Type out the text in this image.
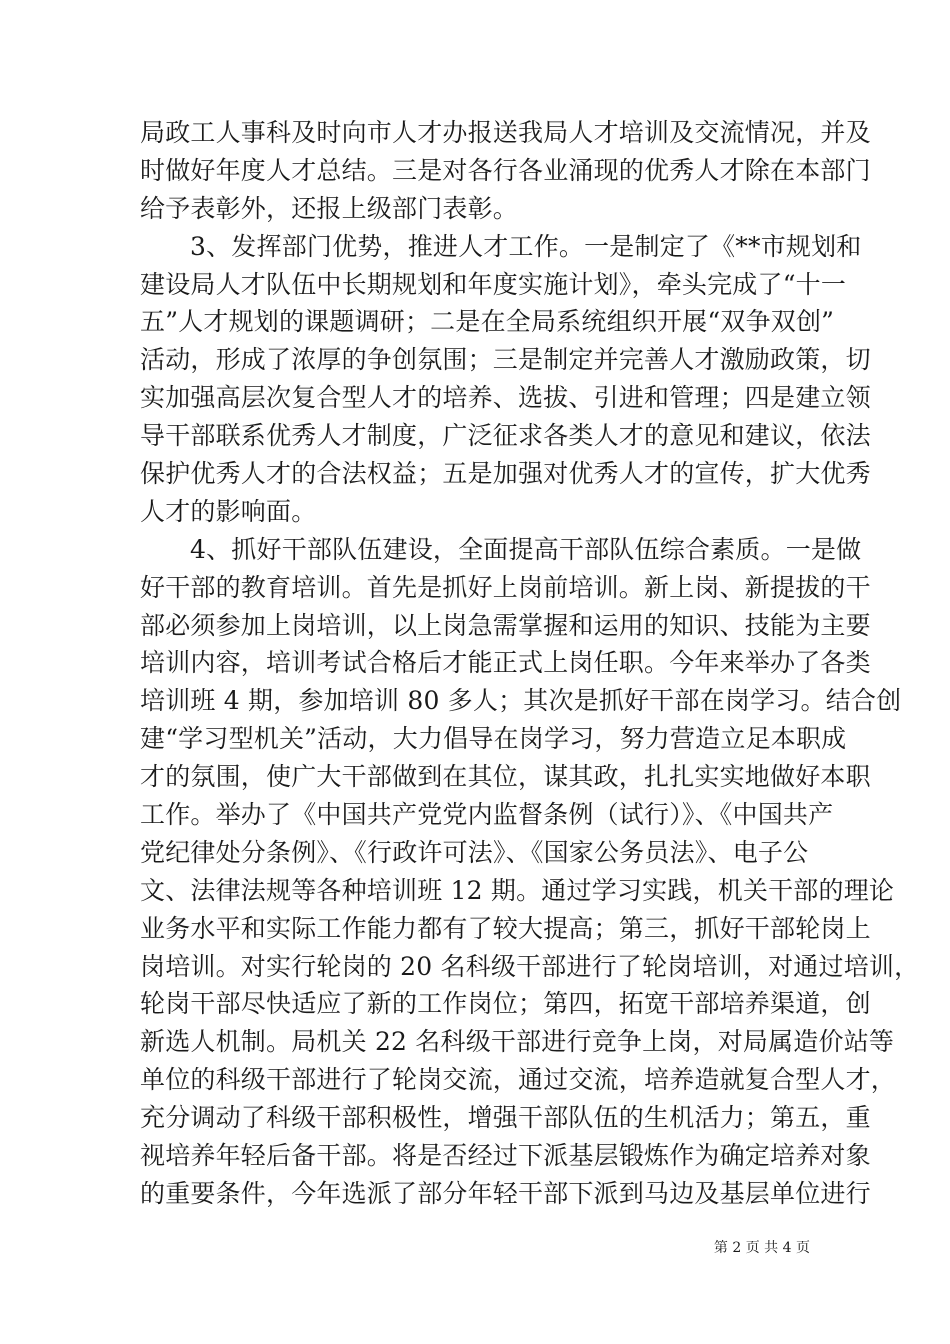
局政工人事科及时向市人才办报送我局人才培训及交流情况，并及
时做好年度人才总结。三是对各行各业涌现的优秀人才除在本部门
给予表彰外，还报上级部门表彰。
3、发挥部门优势，推进人才工作。一是制定了《**市规划和
建设局人才队伍中长期规划和年度实施计划》，牵头完成了“十一
五”人才规划的课题调研；二是在全局系统组织开展“双争双创”
活动，形成了浓厚的争创氛围；三是制定并完善人才激励政策，切
实加强高层次复合型人才的培养、选拔、引进和管理；四是建立领
导干部联系优秀人才制度，广泛征求各类人才的意见和建议，依法
保护优秀人才的合法权益；五是加强对优秀人才的宣传，扩大优秀
人才的影响面。
4、抓好干部队伍建设，全面提高干部队伍综合素质。一是做
好干部的教育培训。首先是抓好上岗前培训。新上岗、新提拔的干
部必须参加上岗培训，以上岗急需掌握和运用的知识、技能为主要
培训内容，培训考试合格后才能正式上岗任职。今年来举办了各类
培训班 4 期，参加培训 80 多人；其次是抓好干部在岗学习。结合创
建“学习型机关”活动，大力倡导在岗学习，努力营造立足本职成
才的氛围，使广大干部做到在其位，谋其政，扎扎实实地做好本职
工作。举办了《中国共产党党内监督条例（试行）》、《中国共产
党纪律处分条例》、《行政许可法》、《国家公务员法》、电子公
文、法律法规等各种培训班 12 期。通过学习实践，机关干部的理论
业务水平和实际工作能力都有了较大提高；第三，抓好干部轮岗上
岗培训。对实行轮岗的 20 名科级干部进行了轮岗培训，对通过培训，
轮岗干部尽快适应了新的工作岗位；第四，拓宽干部培养渠道，创
新选人机制。局机关 22 名科级干部进行竞争上岗，对局属造价站等
单位的科级干部进行了轮岗交流，通过交流，培养造就复合型人才，
充分调动了科级干部积极性，增强干部队伍的生机活力；第五，重
视培养年轻后备干部。将是否经过下派基层锻炼作为确定培养对象
的重要条件，今年选派了部分年轻干部下派到马边及基层单位进行
第 2 页 共 4 页
